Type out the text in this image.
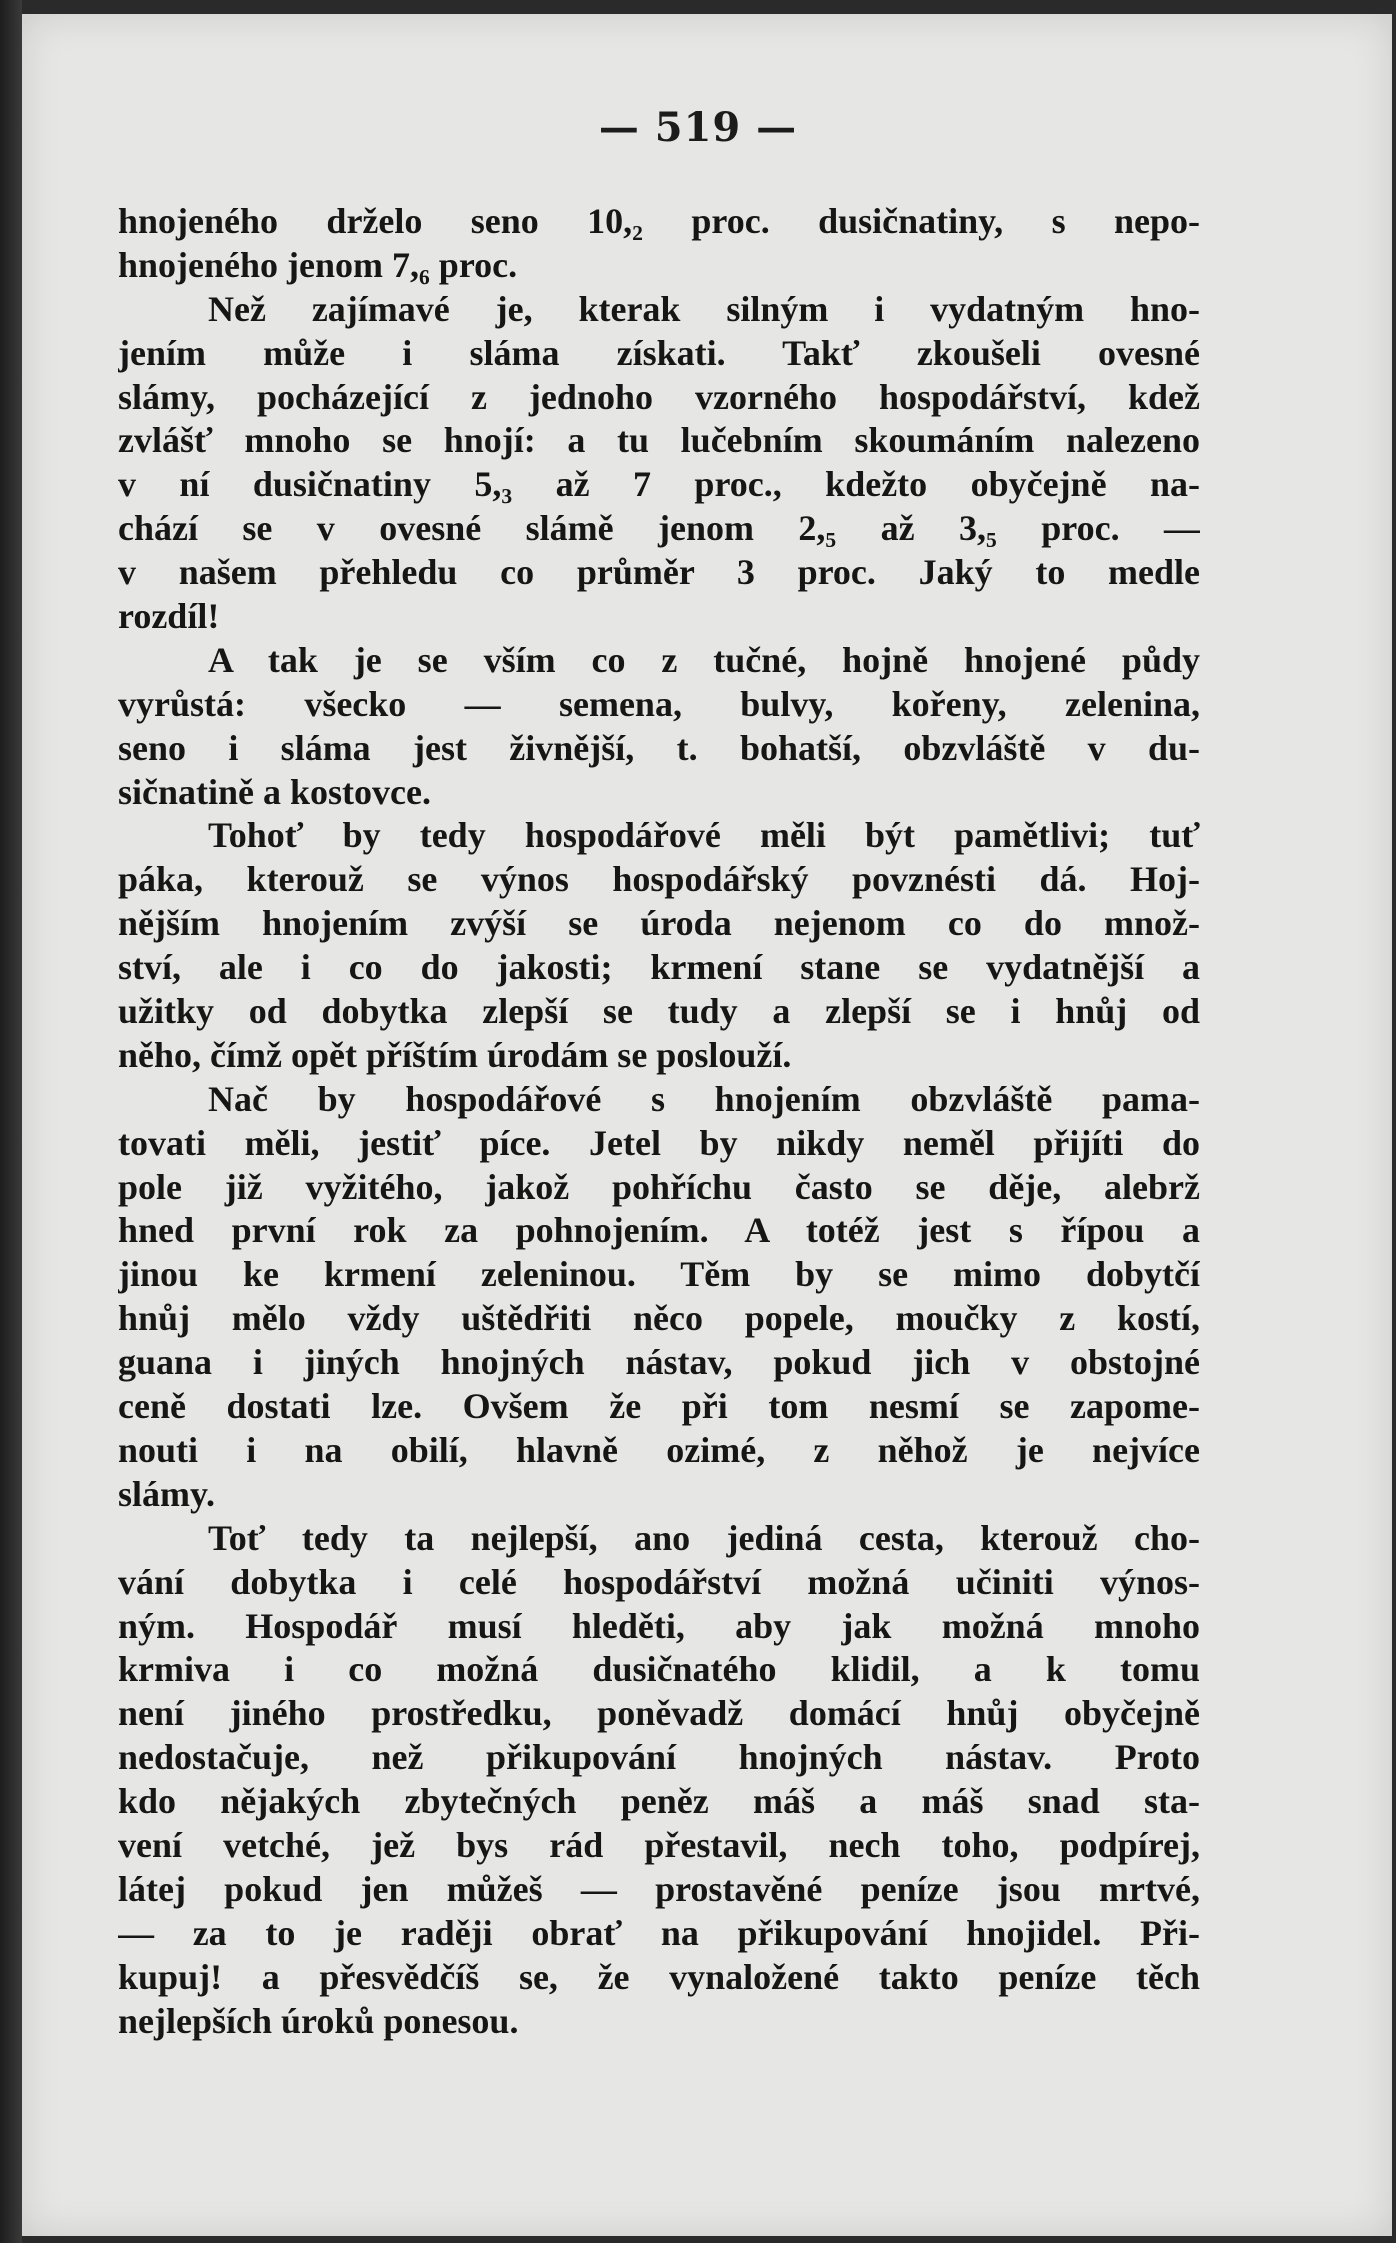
— 519 —
hnojeného drželo seno 10,₂ proc. dusičnatiny, s nepo-
hnojeného jenom 7,₆ proc.
Než zajímavé je, kterak silným i vydatným hno-
jením může i sláma získati. Takť zkoušeli ovesné
slámy, pocházející z jednoho vzorného hospodářství, kdež
zvlášť mnoho se hnojí: a tu lučebním skoumáním nalezeno
v ní dusičnatiny 5,₃ až 7 proc., kdežto obyčejně na-
chází se v ovesné slámě jenom 2,₅ až 3,₅ proc. —
v našem přehledu co průměr 3 proc. Jaký to medle
rozdíl!
A tak je se vším co z tučné, hojně hnojené půdy
vyrůstá: všecko — semena, bulvy, kořeny, zelenina,
seno i sláma jest živnější, t. bohatší, obzvláště v du-
sičnatině a kostovce.
Tohoť by tedy hospodářové měli být pamětlivi; tuť
páka, kterouž se výnos hospodářský povznésti dá. Hoj-
nějším hnojením zvýší se úroda nejenom co do množ-
ství, ale i co do jakosti; krmení stane se vydatnější a
užitky od dobytka zlepší se tudy a zlepší se i hnůj od
něho, čímž opět příštím úrodám se poslouží.
Nač by hospodářové s hnojením obzvláště pama-
tovati měli, jestiť píce. Jetel by nikdy neměl přijíti do
pole již vyžitého, jakož pohříchu často se děje, alebrž
hned první rok za pohnojením. A totéž jest s řípou a
jinou ke krmení zeleninou. Těm by se mimo dobytčí
hnůj mělo vždy uštědřiti něco popele, moučky z kostí,
guana i jiných hnojných nástav, pokud jich v obstojné
ceně dostati lze. Ovšem že při tom nesmí se zapome-
nouti i na obilí, hlavně ozimé, z něhož je nejvíce
slámy.
Toť tedy ta nejlepší, ano jediná cesta, kterouž cho-
vání dobytka i celé hospodářství možná učiniti výnos-
ným. Hospodář musí hleděti, aby jak možná mnoho
krmiva i co možná dusičnatého klidil, a k tomu
není jiného prostředku, poněvadž domácí hnůj obyčejně
nedostačuje, než přikupování hnojných nástav. Proto
kdo nějakých zbytečných peněz máš a máš snad sta-
vení vetché, jež bys rád přestavil, nech toho, podpírej,
látej pokud jen můžeš — prostavěné peníze jsou mrtvé,
— za to je raději obrať na přikupování hnojidel. Při-
kupuj! a přesvědčíš se, že vynaložené takto peníze těch
nejlepších úroků ponesou.
